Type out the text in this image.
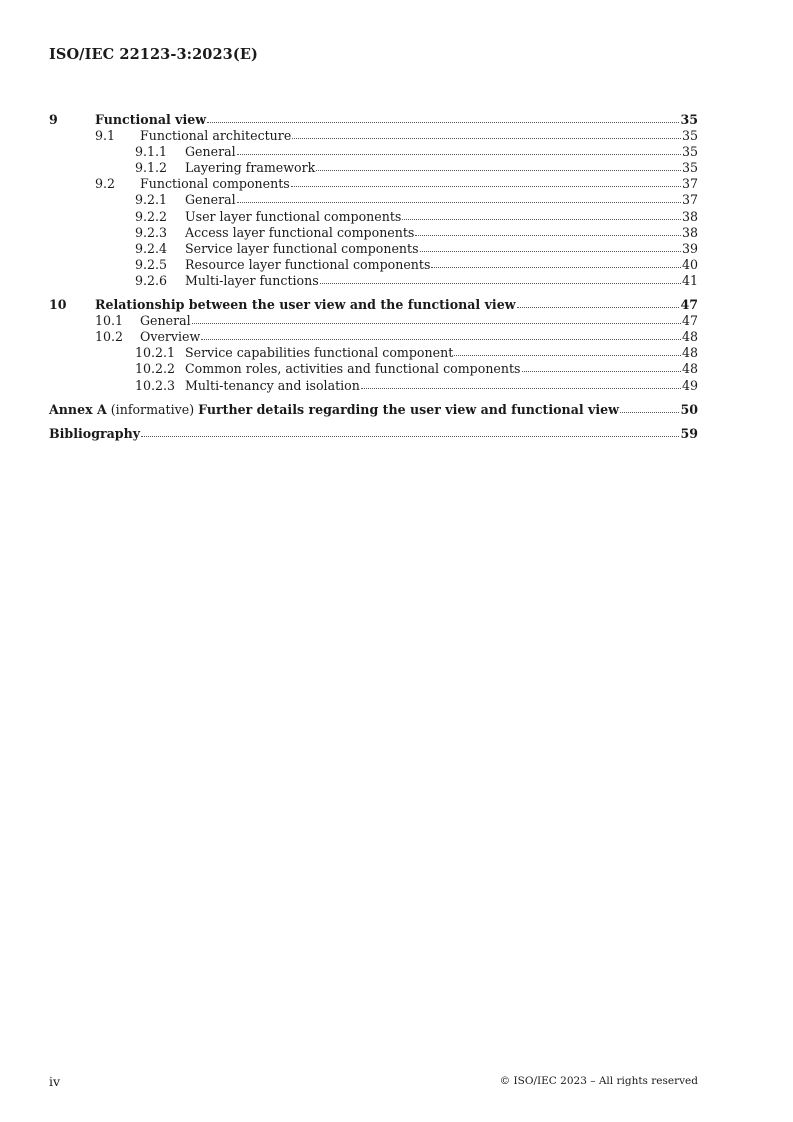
ISO/IEC 22123-3:2023(E)
9	Functional view	35
9.1	Functional architecture	35
9.1.1	General	35
9.1.2	Layering framework	35
9.2	Functional components	37
9.2.1	General	37
9.2.2	User layer functional components	38
9.2.3	Access layer functional components	38
9.2.4	Service layer functional components	39
9.2.5	Resource layer functional components	40
9.2.6	Multi-layer functions	41
10	Relationship between the user view and the functional view	47
10.1	General	47
10.2	Overview	48
10.2.1 Service capabilities functional component	48
10.2.2 Common roles, activities and functional components	48
10.2.3 Multi-tenancy and isolation	49
Annex A (informative) Further details regarding the user view and functional view	50
Bibliography	59
iv	© ISO/IEC 2023 – All rights reserved
